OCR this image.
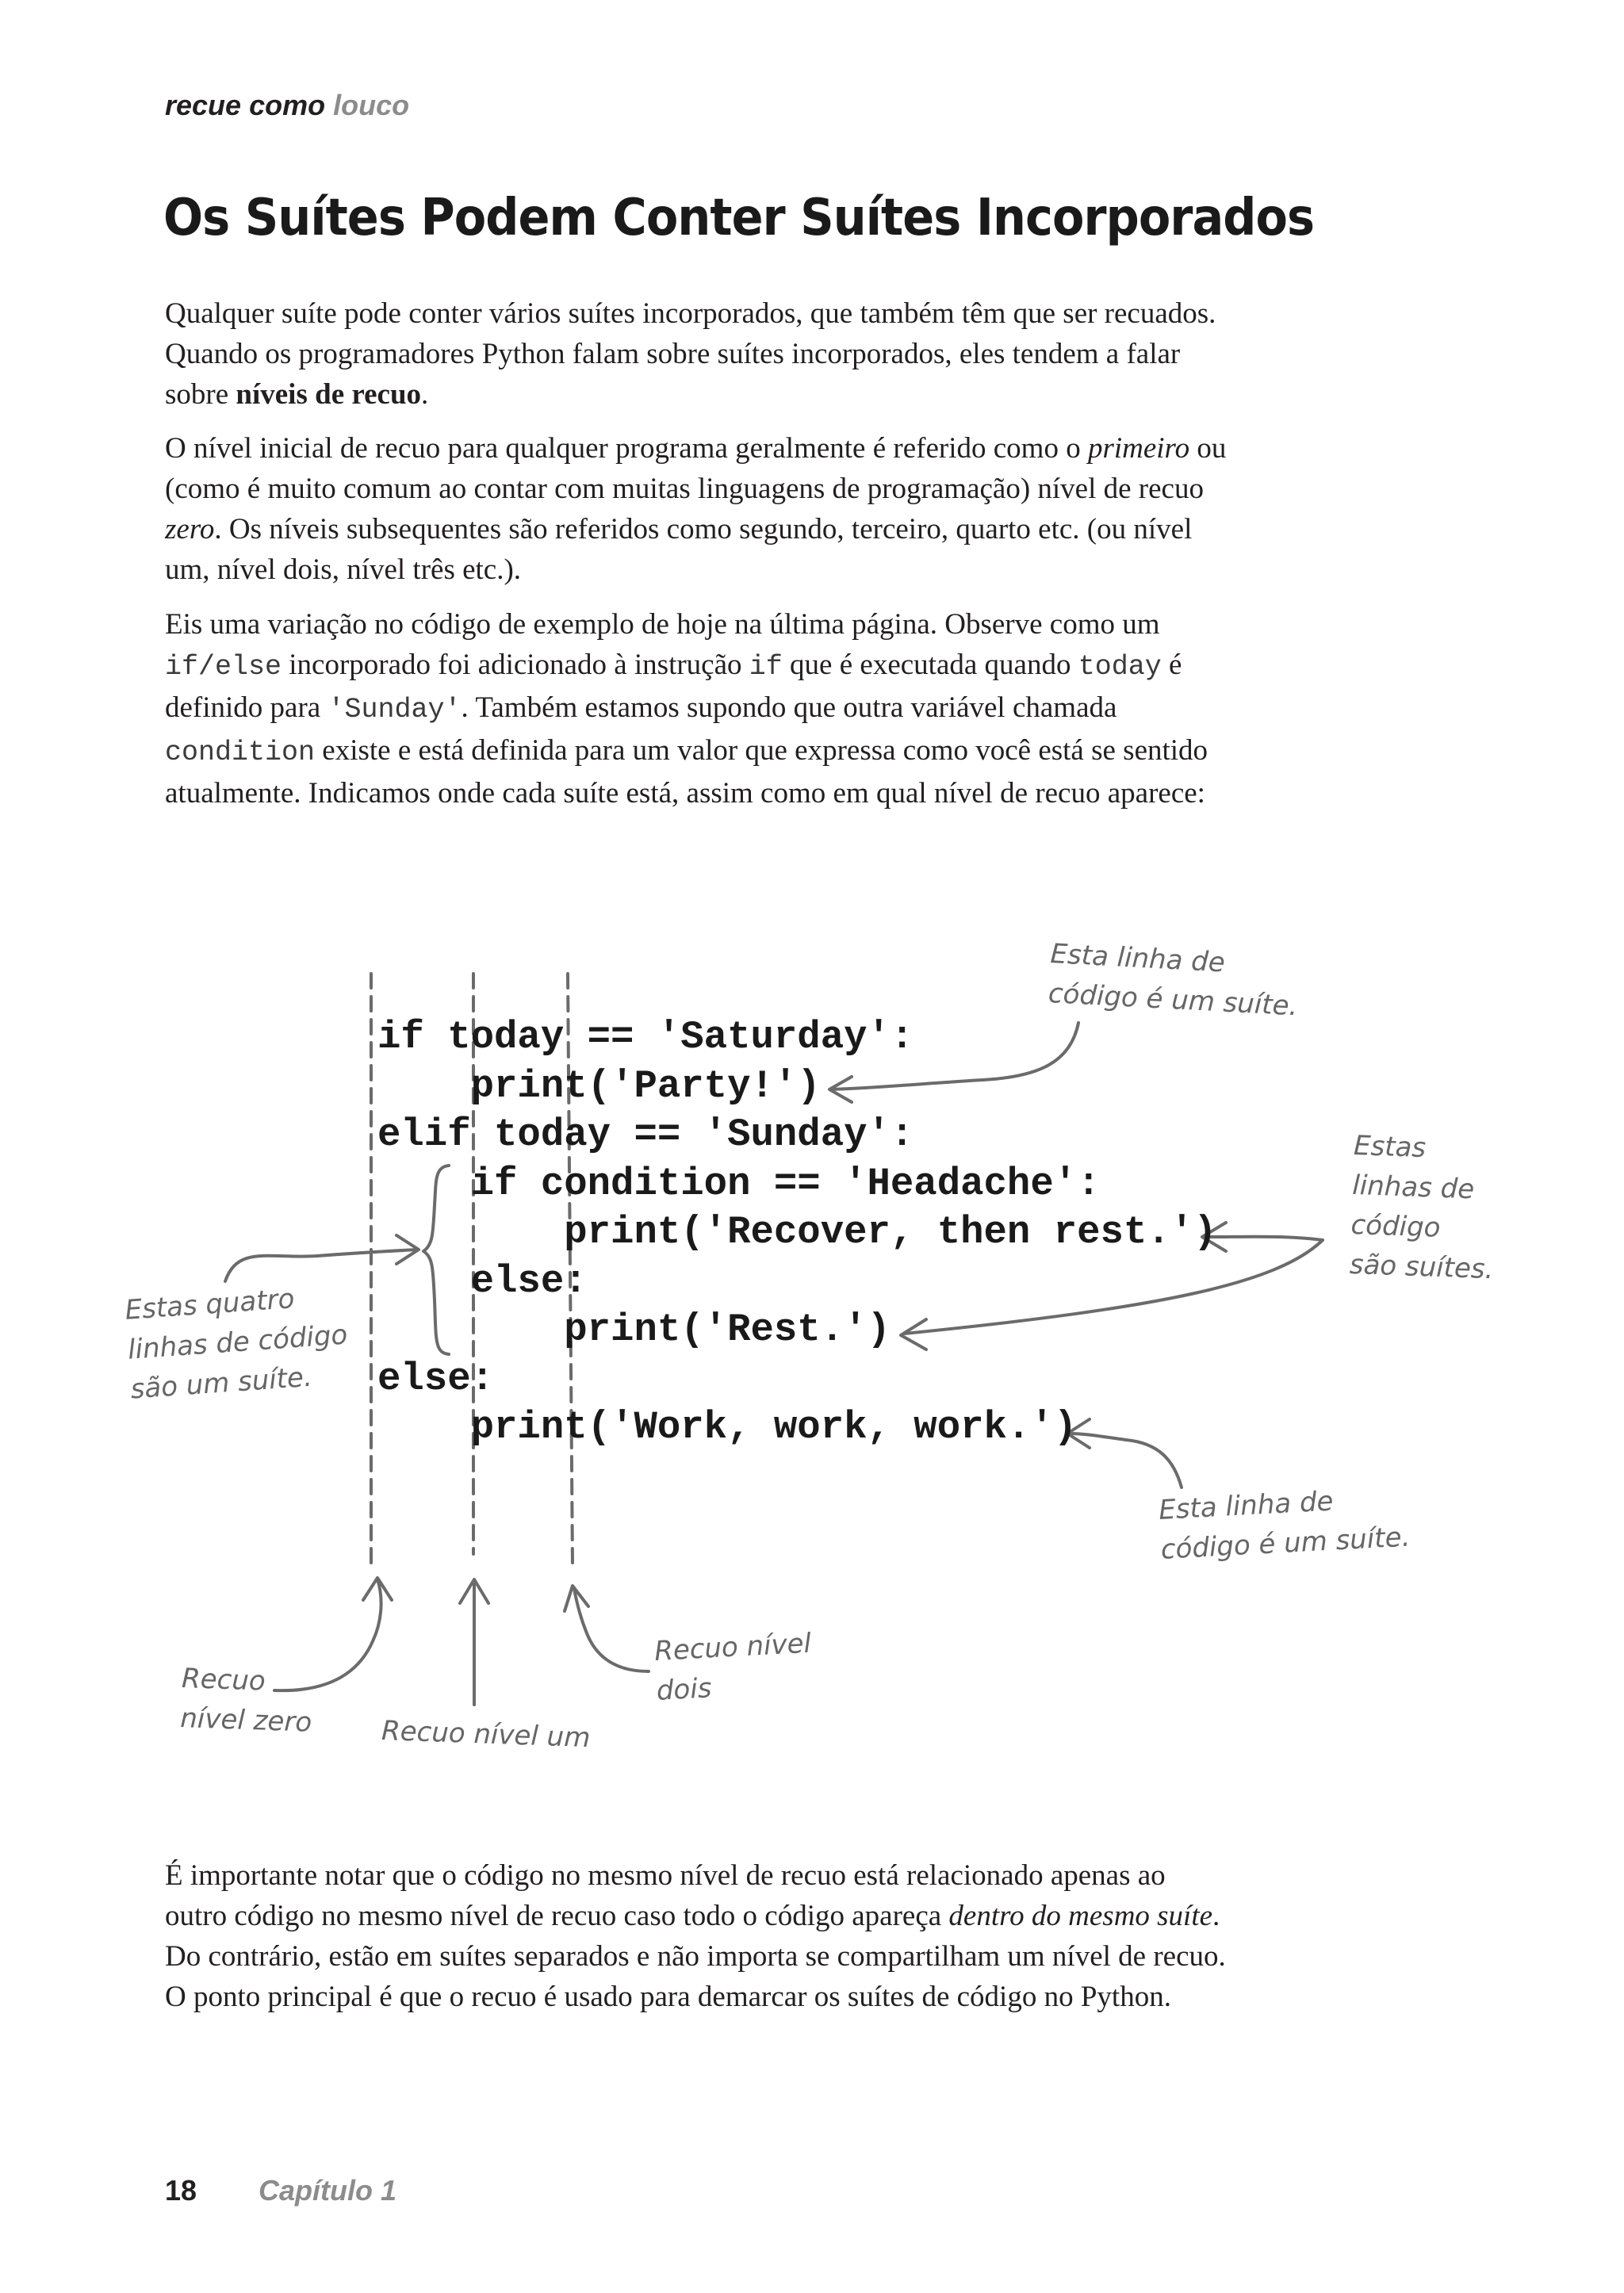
recue como louco

Os Suítes Podem Conter Suítes Incorporados

Qualquer suíte pode conter vários suítes incorporados, que também têm que ser recuados. Quando os programadores Python falam sobre suítes incorporados, eles tendem a falar sobre níveis de recuo.

O nível inicial de recuo para qualquer programa geralmente é referido como o primeiro ou (como é muito comum ao contar com muitas linguagens de programação) nível de recuo zero. Os níveis subsequentes são referidos como segundo, terceiro, quarto etc. (ou nível um, nível dois, nível três etc.).

Eis uma variação no código de exemplo de hoje na última página. Observe como um if/else incorporado foi adicionado à instrução if que é executada quando today é definido para 'Sunday'. Também estamos supondo que outra variável chamada condition existe e está definida para um valor que expressa como você está se sentido atualmente. Indicamos onde cada suíte está, assim como em qual nível de recuo aparece:

if today == 'Saturday':
print('Party!')
elif today == 'Sunday':
if condition == 'Headache':
print('Recover, then rest.')
else:
print('Rest.')
else:
print('Work, work, work.')

Esta linha de
código é um suíte.

Estas
linhas de
código
são suítes.

Estas quatro
linhas de código
são um suíte.

Esta linha de
código é um suíte.

Recuo
nível zero	Recuo nível um

Recuo nível
dois

É importante notar que o código no mesmo nível de recuo está relacionado apenas ao outro código no mesmo nível de recuo caso todo o código apareça dentro do mesmo suíte. Do contrário, estão em suítes separados e não importa se compartilham um nível de recuo. O ponto principal é que o recuo é usado para demarcar os suítes de código no Python.

18 Capítulo 1
